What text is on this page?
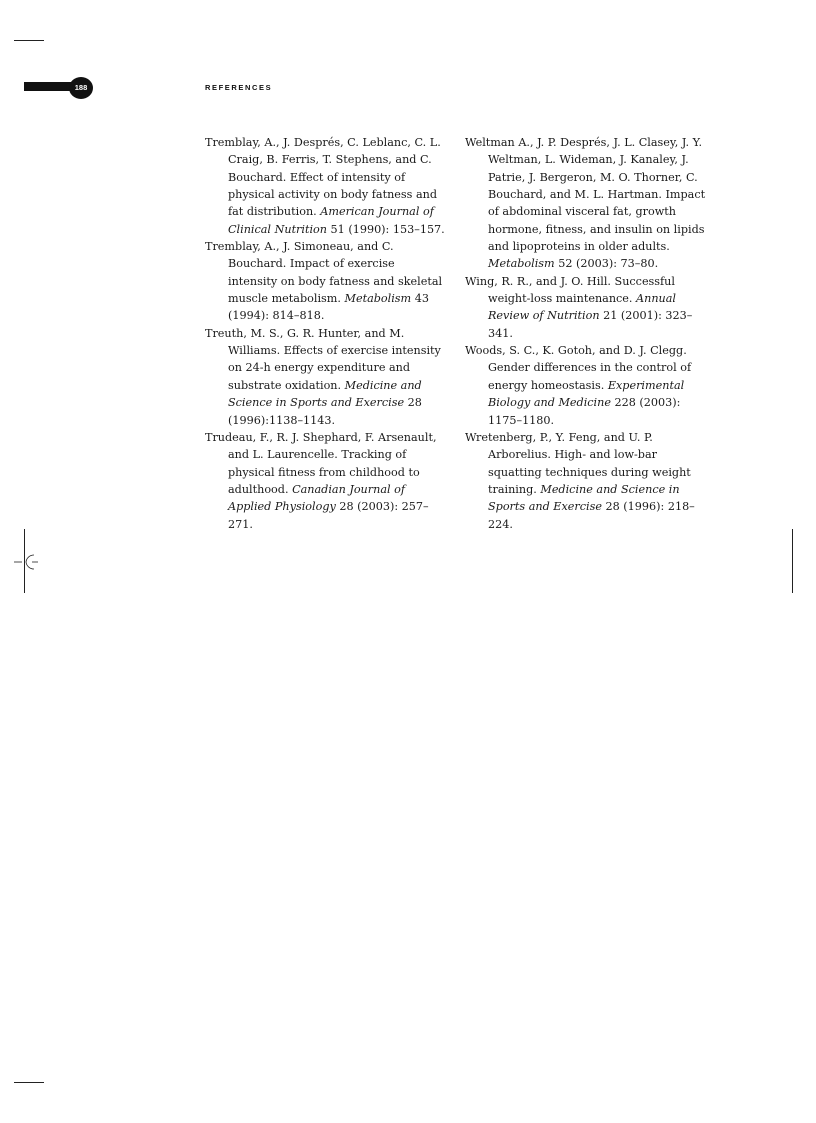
188	REFERENCES

Tremblay, A., J. Després, C. Leblanc, C. L. Craig, B. Ferris, T. Stephens, and C. Bouchard. Effect of intensity of physical activity on body fatness and fat distribution. American Journal of Clinical Nutrition 51 (1990): 153–157.

Tremblay, A., J. Simoneau, and C. Bouchard. Impact of exercise intensity on body fatness and skeletal muscle metabolism. Metabolism 43 (1994): 814–818.

Treuth, M. S., G. R. Hunter, and M. Williams. Effects of exercise intensity on 24-h energy expenditure and substrate oxidation. Medicine and Science in Sports and Exercise 28 (1996):1138–1143.

Trudeau, F., R. J. Shephard, F. Arsenault, and L. Laurencelle. Tracking of physical fitness from childhood to adulthood. Canadian Journal of Applied Physiology 28 (2003): 257–271.

Weltman A., J. P. Després, J. L. Clasey, J. Y. Weltman, L. Wideman, J. Kanaley, J. Patrie, J. Bergeron, M. O. Thorner, C. Bouchard, and M. L. Hartman. Impact of abdominal visceral fat, growth hormone, fitness, and insulin on lipids and lipoproteins in older adults. Metabolism 52 (2003): 73–80.

Wing, R. R., and J. O. Hill. Successful weight-loss maintenance. Annual Review of Nutrition 21 (2001): 323–341.

Woods, S. C., K. Gotoh, and D. J. Clegg. Gender differences in the control of energy homeostasis. Experimental Biology and Medicine 228 (2003): 1175–1180.

Wretenberg, P., Y. Feng, and U. P. Arborelius. High- and low-bar squatting techniques during weight training. Medicine and Science in Sports and Exercise 28 (1996): 218–224.
